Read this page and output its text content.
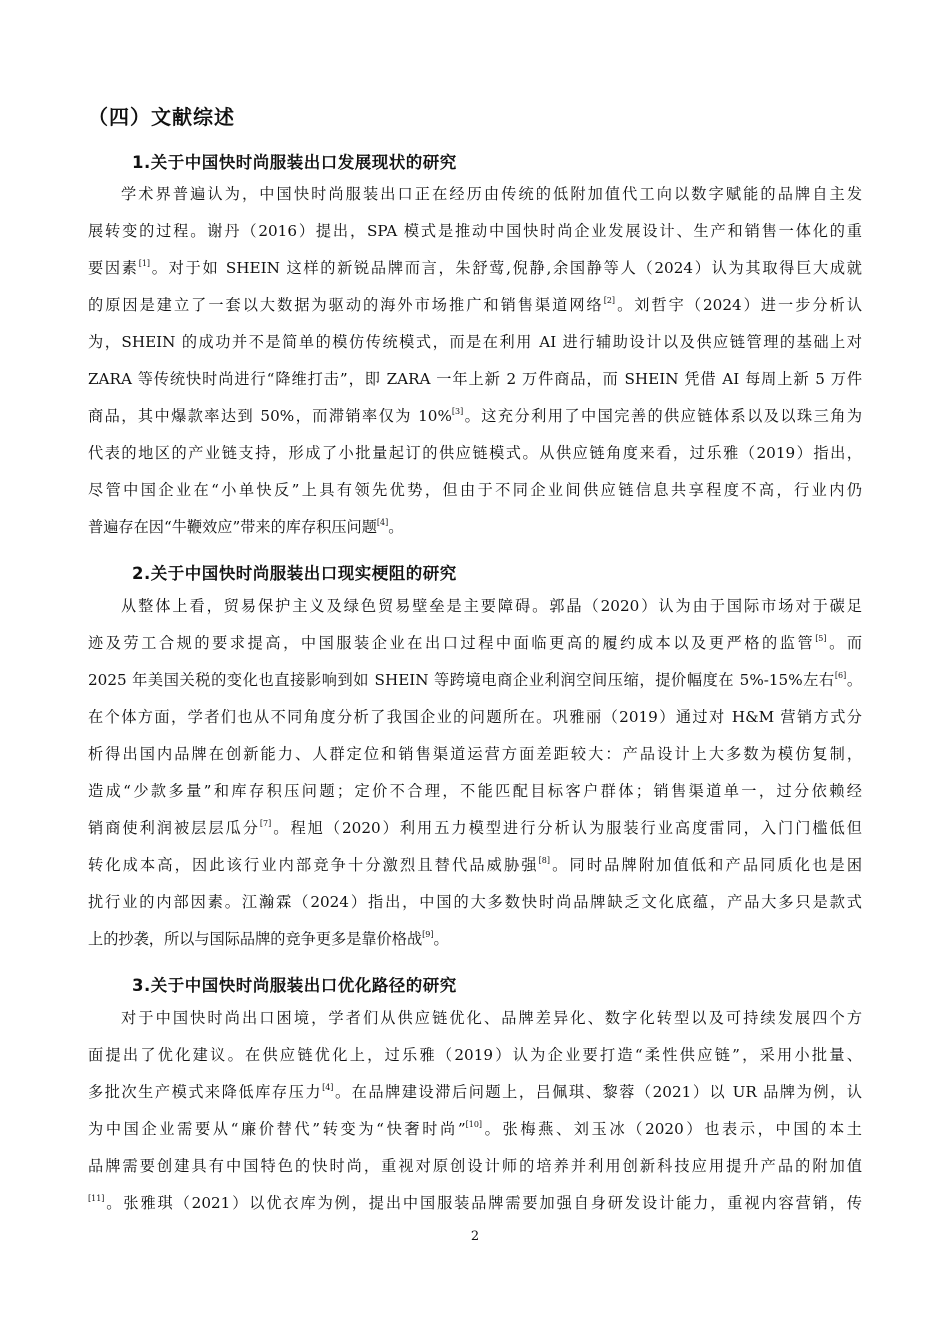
（四）文献综述
1.关于中国快时尚服装出口发展现状的研究
学术界普遍认为，中国快时尚服装出口正在经历由传统的低附加值代工向以数字赋能的品牌自主发
展转变的过程。谢丹（2016）提出，SPA 模式是推动中国快时尚企业发展设计、生产和销售一体化的重
要因素[1]。对于如 SHEIN 这样的新锐品牌而言，朱舒莺,倪静,余国静等人（2024）认为其取得巨大成就
的原因是建立了一套以大数据为驱动的海外市场推广和销售渠道网络[2]。刘哲宇（2024）进一步分析认
为，SHEIN 的成功并不是简单的模仿传统模式，而是在利用 AI 进行辅助设计以及供应链管理的基础上对
ZARA 等传统快时尚进行“降维打击”，即 ZARA 一年上新 2 万件商品，而 SHEIN 凭借 AI 每周上新 5 万件
商品，其中爆款率达到 50%，而滞销率仅为 10%[3]。这充分利用了中国完善的供应链体系以及以珠三角为
代表的地区的产业链支持，形成了小批量起订的供应链模式。从供应链角度来看，过乐雅（2019）指出，
尽管中国企业在“小单快反”上具有领先优势，但由于不同企业间供应链信息共享程度不高，行业内仍
普遍存在因“牛鞭效应”带来的库存积压问题[4]。
2.关于中国快时尚服装出口现实梗阻的研究
从整体上看，贸易保护主义及绿色贸易壁垒是主要障碍。郭晶（2020）认为由于国际市场对于碳足
迹及劳工合规的要求提高，中国服装企业在出口过程中面临更高的履约成本以及更严格的监管[5]。而
2025 年美国关税的变化也直接影响到如 SHEIN 等跨境电商企业利润空间压缩，提价幅度在 5%-15%左右[6]。
在个体方面，学者们也从不同角度分析了我国企业的问题所在。巩雅丽（2019）通过对 H&M 营销方式分
析得出国内品牌在创新能力、人群定位和销售渠道运营方面差距较大：产品设计上大多数为模仿复制，
造成“少款多量”和库存积压问题；定价不合理，不能匹配目标客户群体；销售渠道单一，过分依赖经
销商使利润被层层瓜分[7]。程旭（2020）利用五力模型进行分析认为服装行业高度雷同，入门门槛低但
转化成本高，因此该行业内部竞争十分激烈且替代品威胁强[8]。同时品牌附加值低和产品同质化也是困
扰行业的内部因素。江瀚霖（2024）指出，中国的大多数快时尚品牌缺乏文化底蕴，产品大多只是款式
上的抄袭，所以与国际品牌的竞争更多是靠价格战[9]。
3.关于中国快时尚服装出口优化路径的研究
对于中国快时尚出口困境，学者们从供应链优化、品牌差异化、数字化转型以及可持续发展四个方
面提出了优化建议。在供应链优化上，过乐雅（2019）认为企业要打造“柔性供应链”，采用小批量、
多批次生产模式来降低库存压力[4]。在品牌建设滞后问题上，吕佩琪、黎蓉（2021）以 UR 品牌为例，认
为中国企业需要从“廉价替代”转变为“快奢时尚”[10]。张梅燕、刘玉冰（2020）也表示，中国的本土
品牌需要创建具有中国特色的快时尚，重视对原创设计师的培养并利用创新科技应用提升产品的附加值
[11]。张雅琪（2021）以优衣库为例，提出中国服装品牌需要加强自身研发设计能力，重视内容营销，传
2
